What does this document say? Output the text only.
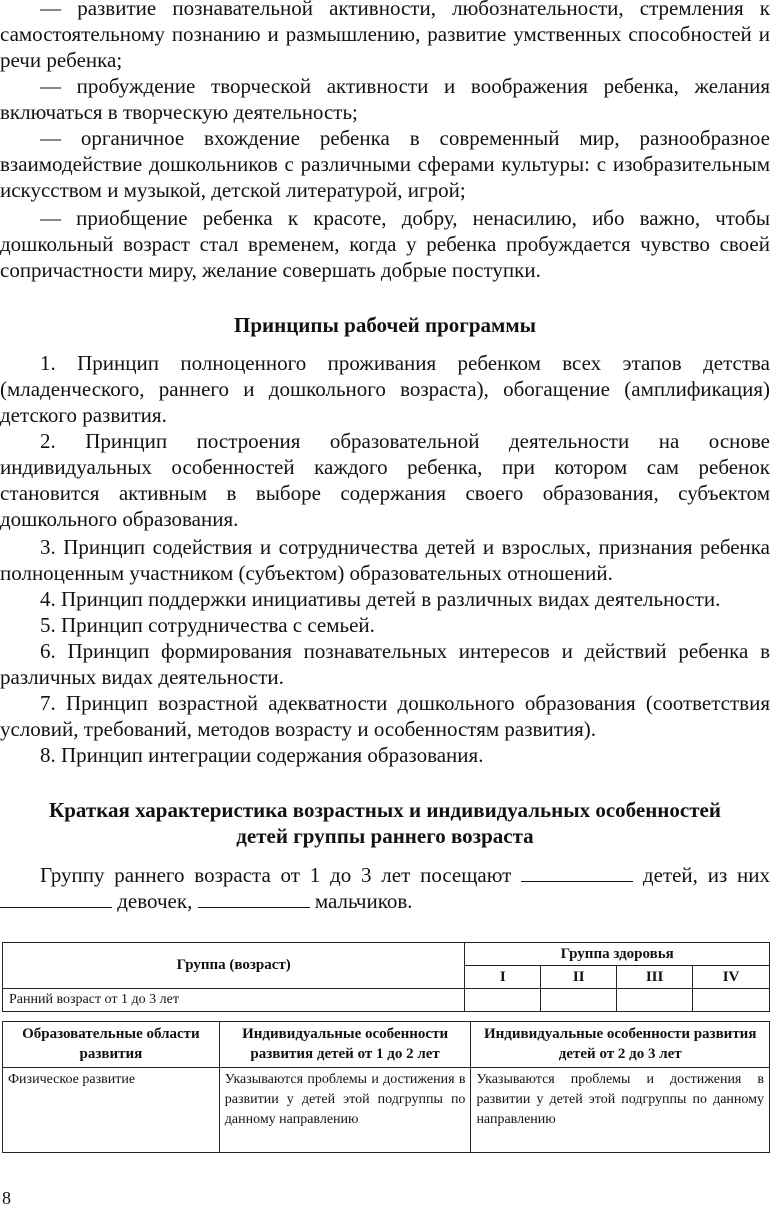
— развитие познавательной активности, любознательности, стремления к самостоятельному познанию и размышлению, развитие умственных способностей и речи ребенка;
— пробуждение творческой активности и воображения ребенка, желания включаться в творческую деятельность;
— органичное вхождение ребенка в современный мир, разнообразное взаимодействие дошкольников с различными сферами культуры: с изобразительным искусством и музыкой, детской литературой, игрой;
— приобщение ребенка к красоте, добру, ненасилию, ибо важно, чтобы дошкольный возраст стал временем, когда у ребенка пробуждается чувство своей сопричастности миру, желание совершать добрые поступки.
Принципы рабочей программы
1. Принцип полноценного проживания ребенком всех этапов детства (младенческого, раннего и дошкольного возраста), обогащение (амплификация) детского развития.
2. Принцип построения образовательной деятельности на основе индивидуальных особенностей каждого ребенка, при котором сам ребенок становится активным в выборе содержания своего образования, субъектом дошкольного образования.
3. Принцип содействия и сотрудничества детей и взрослых, признания ребенка полноценным участником (субъектом) образовательных отношений.
4. Принцип поддержки инициативы детей в различных видах деятельности.
5. Принцип сотрудничества с семьей.
6. Принцип формирования познавательных интересов и действий ребенка в различных видах деятельности.
7. Принцип возрастной адекватности дошкольного образования (соответствия условий, требований, методов возрасту и особенностям развития).
8. Принцип интеграции содержания образования.
Краткая характеристика возрастных и индивидуальных особенностей
детей группы раннего возраста
Группу раннего возраста от 1 до 3 лет посещают	детей, из них  девочек,	мальчиков.
Группа (возраст)	Группа здоровья			
	I	II	III	IV
Ранний возраст от 1 до 3 лет				
Образовательные области развития	Индивидуальные особенности развития детей от 1 до 2 лет	Индивидуальные особенности развития детей от 2 до 3 лет
Физическое развитие	Указываются проблемы и достижения в развитии у детей этой подгруппы по данному направлению	Указываются проблемы и достижения в развитии у детей этой подгруппы по данному направлению
8
